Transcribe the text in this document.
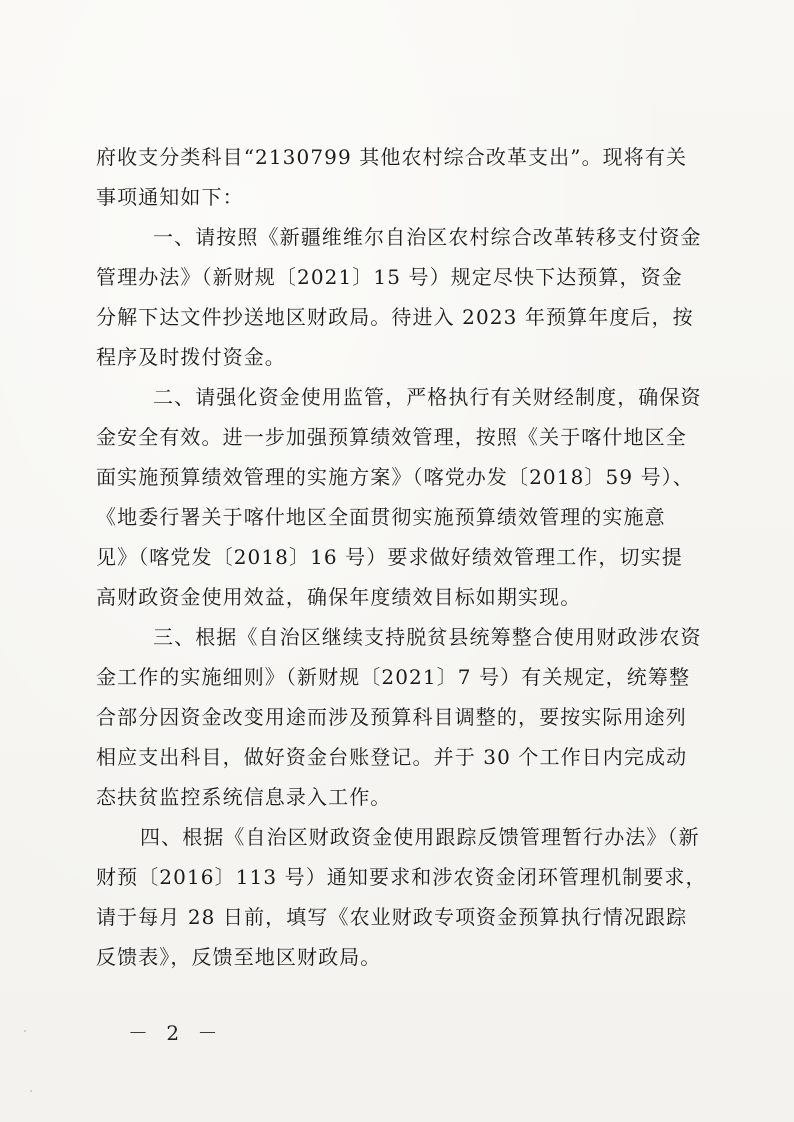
府收支分类科目“2130799 其他农村综合改革支出”。现将有关
事项通知如下：
一、请按照《新疆维维尔自治区农村综合改革转移支付资金
管理办法》（新财规〔2021〕15 号）规定尽快下达预算，资金
分解下达文件抄送地区财政局。待进入 2023 年预算年度后，按
程序及时拨付资金。
二、请强化资金使用监管，严格执行有关财经制度，确保资
金安全有效。进一步加强预算绩效管理，按照《关于喀什地区全
面实施预算绩效管理的实施方案》（喀党办发〔2018〕59 号）、
《地委行署关于喀什地区全面贯彻实施预算绩效管理的实施意
见》（喀党发〔2018〕16 号）要求做好绩效管理工作，切实提
高财政资金使用效益，确保年度绩效目标如期实现。
三、根据《自治区继续支持脱贫县统筹整合使用财政涉农资
金工作的实施细则》（新财规〔2021〕7 号）有关规定，统筹整
合部分因资金改变用途而涉及预算科目调整的，要按实际用途列
相应支出科目，做好资金台账登记。并于 30 个工作日内完成动
态扶贫监控系统信息录入工作。
四、根据《自治区财政资金使用跟踪反馈管理暂行办法》（新
财预〔2016〕113 号）通知要求和涉农资金闭环管理机制要求，
请于每月 28 日前，填写《农业财政专项资金预算执行情况跟踪
反馈表》，反馈至地区财政局。
－ 2 －
